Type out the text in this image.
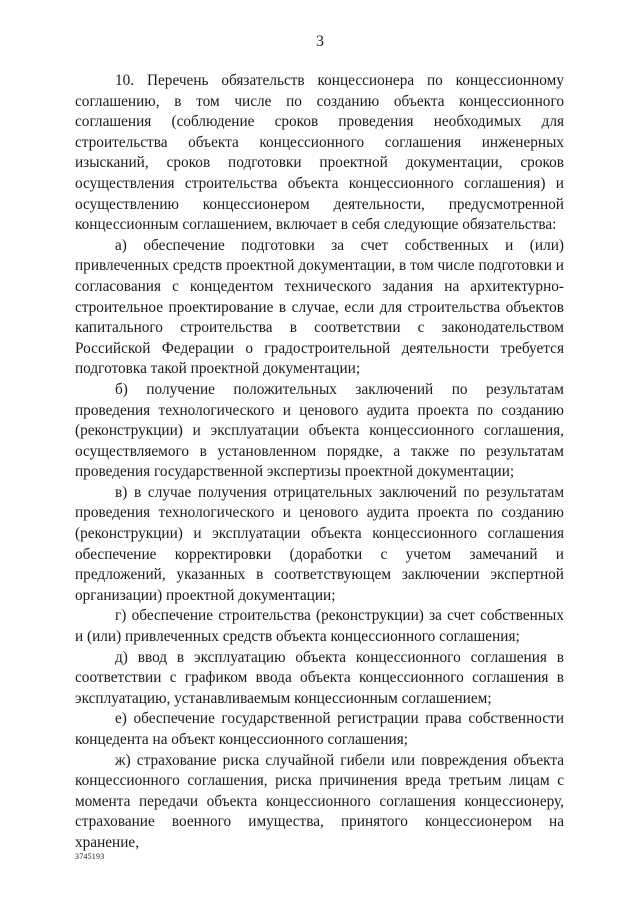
3

10. Перечень обязательств концессионера по концессионному соглашению, в том числе по созданию объекта концессионного соглашения (соблюдение сроков проведения необходимых для строительства объекта концессионного соглашения инженерных изысканий, сроков подготовки проектной документации, сроков осуществления строительства объекта концессионного соглашения) и осуществлению концессионером деятельности, предусмотренной концессионным соглашением, включает в себя следующие обязательства:

а) обеспечение подготовки за счет собственных и (или) привлеченных средств проектной документации, в том числе подготовки и согласования с концедентом технического задания на архитектурно-строительное проектирование в случае, если для строительства объектов капитального строительства в соответствии с законодательством Российской Федерации о градостроительной деятельности требуется подготовка такой проектной документации;

б) получение положительных заключений по результатам проведения технологического и ценового аудита проекта по созданию (реконструкции) и эксплуатации объекта концессионного соглашения, осуществляемого в установленном порядке, а также по результатам проведения государственной экспертизы проектной документации;

в) в случае получения отрицательных заключений по результатам проведения технологического и ценового аудита проекта по созданию (реконструкции) и эксплуатации объекта концессионного соглашения обеспечение корректировки (доработки с учетом замечаний и предложений, указанных в соответствующем заключении экспертной организации) проектной документации;

г) обеспечение строительства (реконструкции) за счет собственных и (или) привлеченных средств объекта концессионного соглашения;

д) ввод в эксплуатацию объекта концессионного соглашения в соответствии с графиком ввода объекта концессионного соглашения в эксплуатацию, устанавливаемым концессионным соглашением;

е) обеспечение государственной регистрации права собственности концедента на объект концессионного соглашения;

ж) страхование риска случайной гибели или повреждения объекта концессионного соглашения, риска причинения вреда третьим лицам с момента передачи объекта концессионного соглашения концессионеру, страхование военного имущества, принятого концессионером на хранение,

3745193
